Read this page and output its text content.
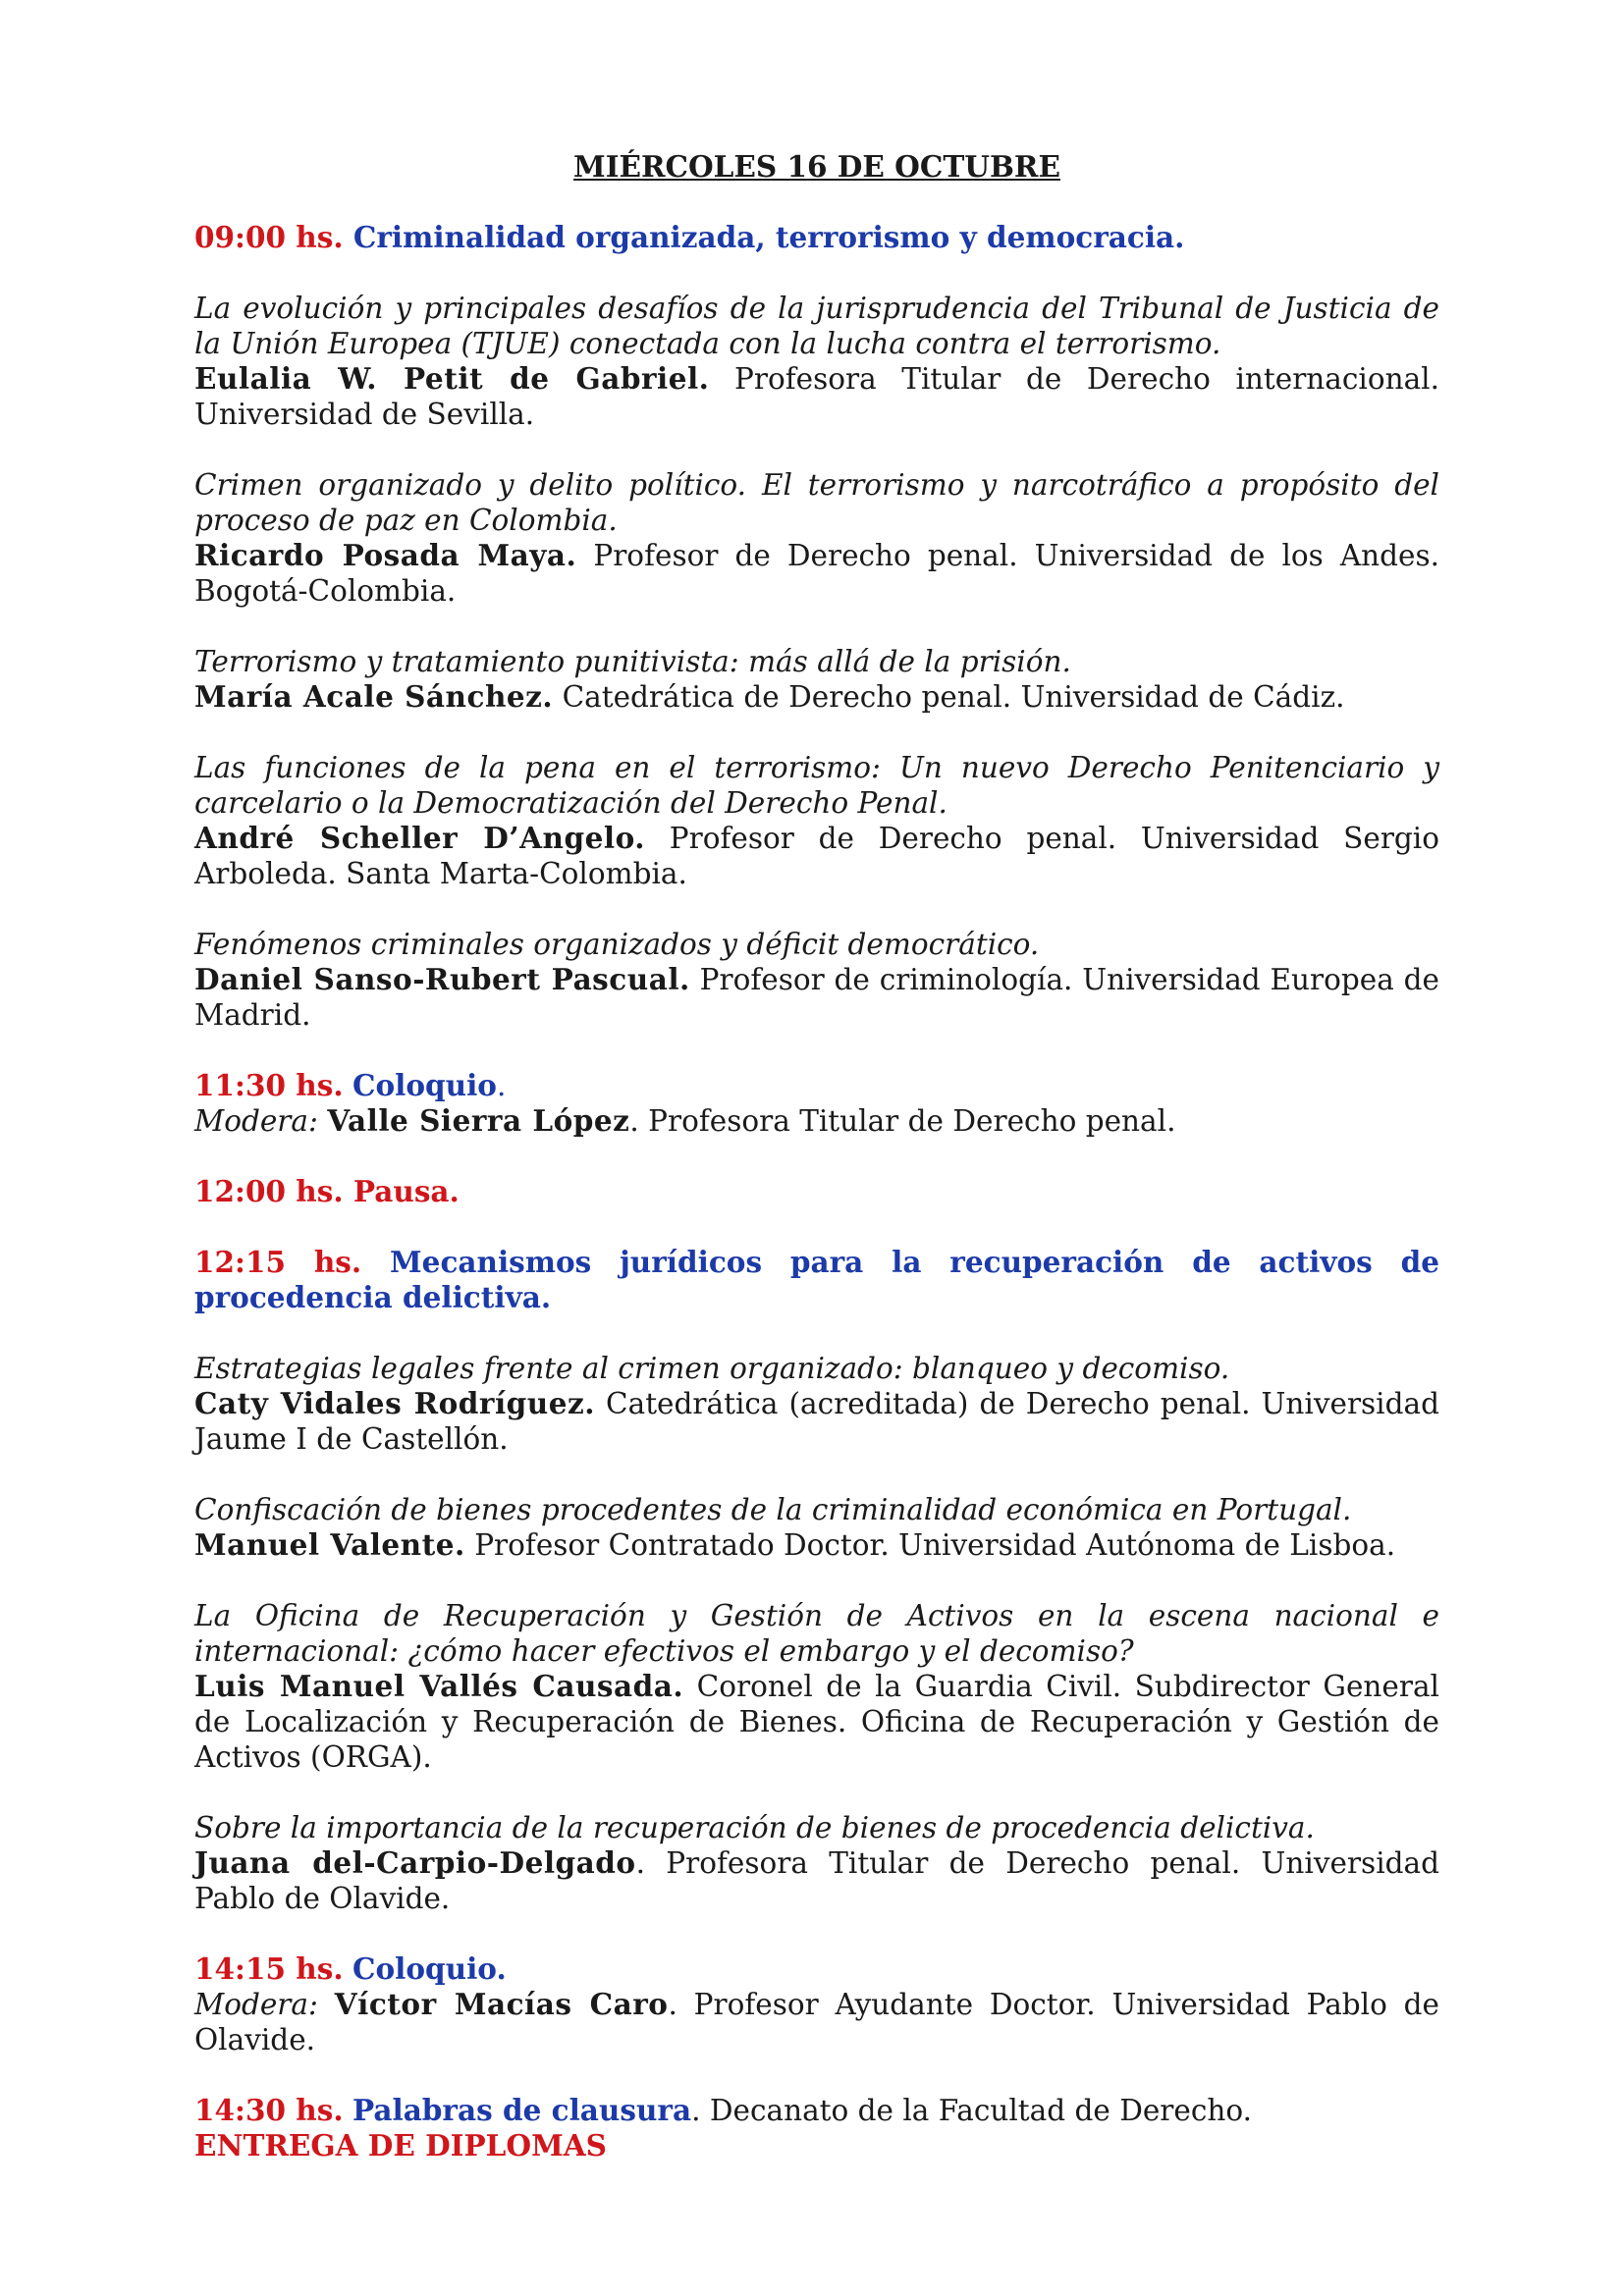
MIÉRCOLES 16 DE OCTUBRE
09:00 hs. Criminalidad organizada, terrorismo y democracia.
La evolución y principales desafíos de la jurisprudencia del Tribunal de Justicia de la Unión Europea (TJUE) conectada con la lucha contra el terrorismo.
Eulalia W. Petit de Gabriel. Profesora Titular de Derecho internacional. Universidad de Sevilla.
Crimen organizado y delito político. El terrorismo y narcotráfico a propósito del proceso de paz en Colombia.
Ricardo Posada Maya. Profesor de Derecho penal. Universidad de los Andes. Bogotá-Colombia.
Terrorismo y tratamiento punitivista: más allá de la prisión.
María Acale Sánchez. Catedrática de Derecho penal. Universidad de Cádiz.
Las funciones de la pena en el terrorismo: Un nuevo Derecho Penitenciario y carcelario o la Democratización del Derecho Penal.
André Scheller D’Angelo. Profesor de Derecho penal. Universidad Sergio Arboleda. Santa Marta-Colombia.
Fenómenos criminales organizados y déficit democrático.
Daniel Sanso-Rubert Pascual. Profesor de criminología. Universidad Europea de Madrid.
11:30 hs. Coloquio.
Modera: Valle Sierra López. Profesora Titular de Derecho penal.
12:00 hs. Pausa.
12:15 hs. Mecanismos jurídicos para la recuperación de activos de procedencia delictiva.
Estrategias legales frente al crimen organizado: blanqueo y decomiso.
Caty Vidales Rodríguez. Catedrática (acreditada) de Derecho penal. Universidad Jaume I de Castellón.
Confiscación de bienes procedentes de la criminalidad económica en Portugal.
Manuel Valente. Profesor Contratado Doctor. Universidad Autónoma de Lisboa.
La Oficina de Recuperación y Gestión de Activos en la escena nacional e internacional: ¿cómo hacer efectivos el embargo y el decomiso?
Luis Manuel Vallés Causada. Coronel de la Guardia Civil. Subdirector General de Localización y Recuperación de Bienes. Oficina de Recuperación y Gestión de Activos (ORGA).
Sobre la importancia de la recuperación de bienes de procedencia delictiva.
Juana del-Carpio-Delgado. Profesora Titular de Derecho penal. Universidad Pablo de Olavide.
14:15 hs. Coloquio.
Modera: Víctor Macías Caro. Profesor Ayudante Doctor. Universidad Pablo de Olavide.
14:30 hs. Palabras de clausura. Decanato de la Facultad de Derecho.
ENTREGA DE DIPLOMAS
